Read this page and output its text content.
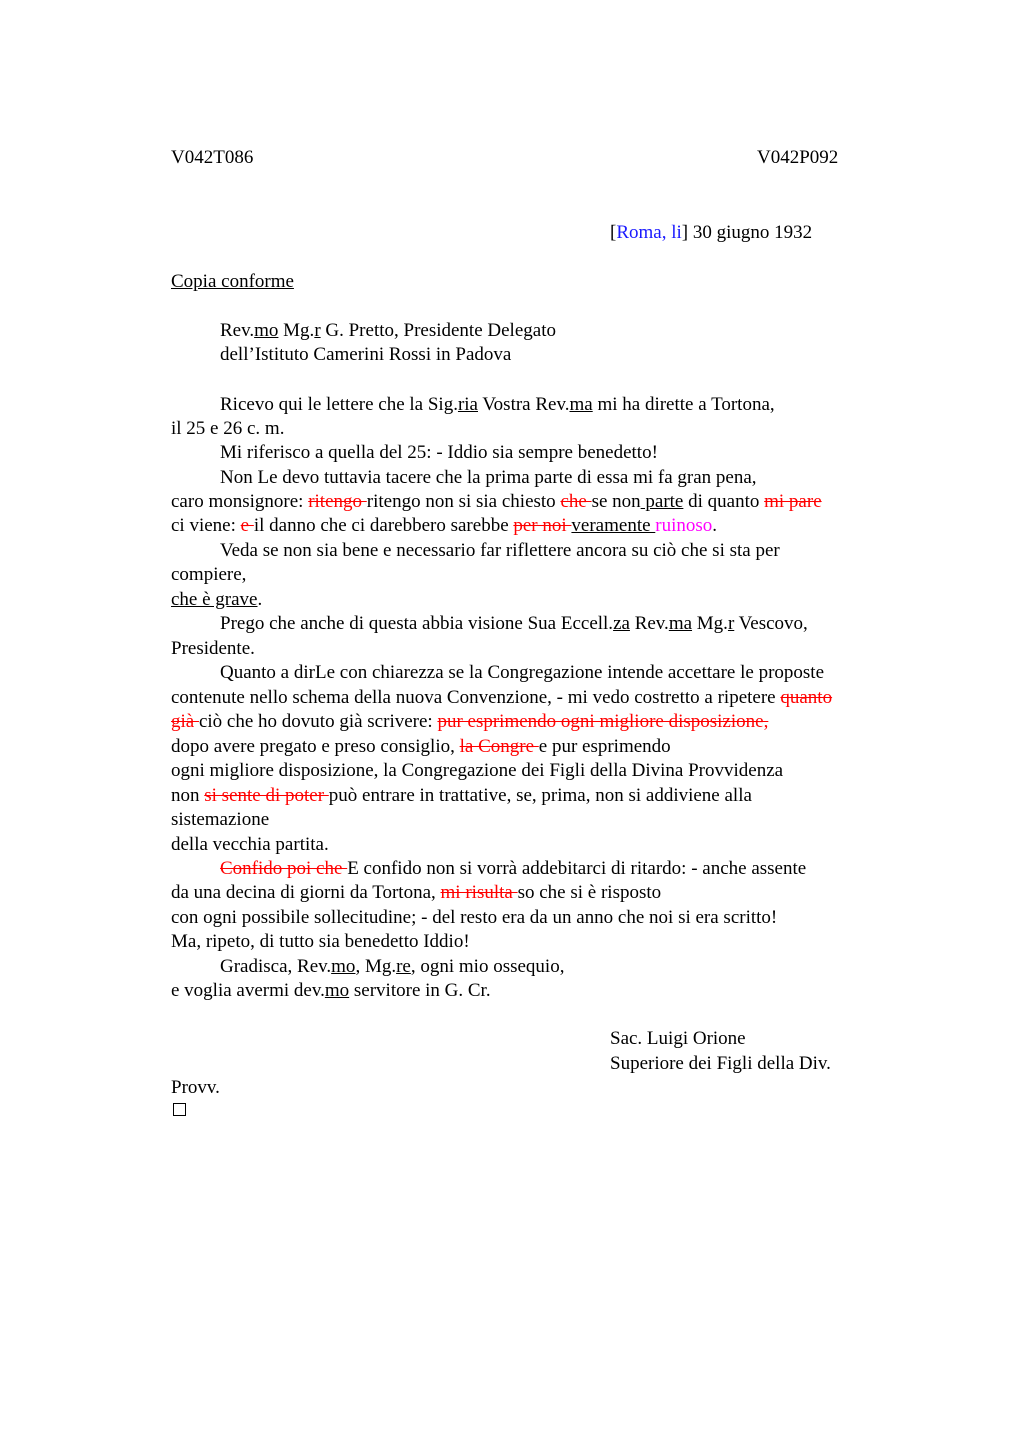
V042T086	V042P092
[Roma, li] 30 giugno 1932
Copia conforme
Rev.mo Mg.r G. Pretto, Presidente Delegato
dell’Istituto Camerini Rossi in Padova
Ricevo qui le lettere che la Sig.ria Vostra Rev.ma mi ha dirette a Tortona,
il 25 e 26 c. m.
Mi riferisco a quella del 25: - Iddio sia sempre benedetto!
Non Le devo tuttavia tacere che la prima parte di essa mi fa gran pena,
caro monsignore: ritengo ritengo non si sia chiesto che se non parte di quanto mi pare
ci viene: e il danno che ci darebbero sarebbe per noi veramente ruinoso.
Veda se non sia bene e necessario far riflettere ancora su ciò che si sta per
compiere,
che è grave.
Prego che anche di questa abbia visione Sua Eccell.za Rev.ma Mg.r Vescovo,
Presidente.
Quanto a dirLe con chiarezza se la Congregazione intende accettare le proposte
contenute nello schema della nuova Convenzione, - mi vedo costretto a ripetere quanto
già ciò che ho dovuto già scrivere: pur esprimendo ogni migliore disposizione,
dopo avere pregato e preso consiglio, la Congre e pur esprimendo
ogni migliore disposizione, la Congregazione dei Figli della Divina Provvidenza
non si sente di poter può entrare in trattative, se, prima, non si addiviene alla
sistemazione
della vecchia partita.
Confido poi che E confido non si vorrà addebitarci di ritardo: - anche assente
da una decina di giorni da Tortona, mi risulta so che si è risposto
con ogni possibile sollecitudine; - del resto era da un anno che noi si era scritto!
Ma, ripeto, di tutto sia benedetto Iddio!
Gradisca, Rev.mo, Mg.re, ogni mio ossequio,
e voglia avermi dev.mo servitore in G. Cr.
Sac. Luigi Orione
Superiore dei Figli della Div.
Provv.
